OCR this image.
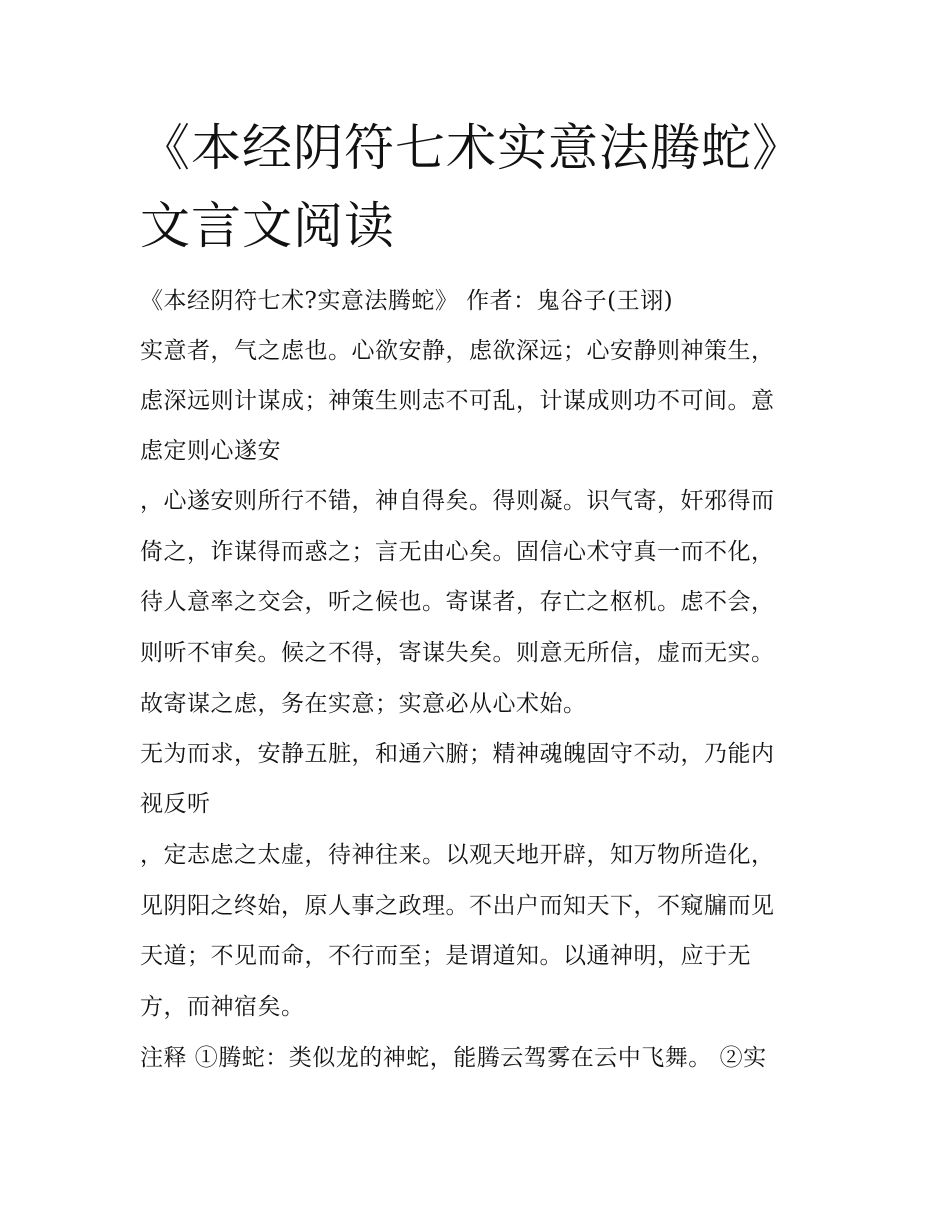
《本经阴符七术实意法腾蛇》
文言文阅读
《本经阴符七术?实意法腾蛇》 作者：鬼谷子(王诩)
实意者，气之虑也。心欲安静，虑欲深远；心安静则神策生，
虑深远则计谋成；神策生则志不可乱，计谋成则功不可间。意
虑定则心遂安
，心遂安则所行不错，神自得矣。得则凝。识气寄，奸邪得而
倚之，诈谋得而惑之；言无由心矣。固信心术守真一而不化，
待人意率之交会，听之候也。寄谋者，存亡之枢机。虑不会，
则听不审矣。候之不得，寄谋失矣。则意无所信，虚而无实。
故寄谋之虑，务在实意；实意必从心术始。
无为而求，安静五脏，和通六腑；精神魂魄固守不动，乃能内
视反听
，定志虑之太虚，待神往来。以观天地开辟，知万物所造化，
见阴阳之终始，原人事之政理。不出户而知天下，不窥牖而见
天道；不见而命，不行而至；是谓道知。以通神明，应于无
方，而神宿矣。
注释 ①腾蛇：类似龙的神蛇，能腾云驾雾在云中飞舞。 ②实
